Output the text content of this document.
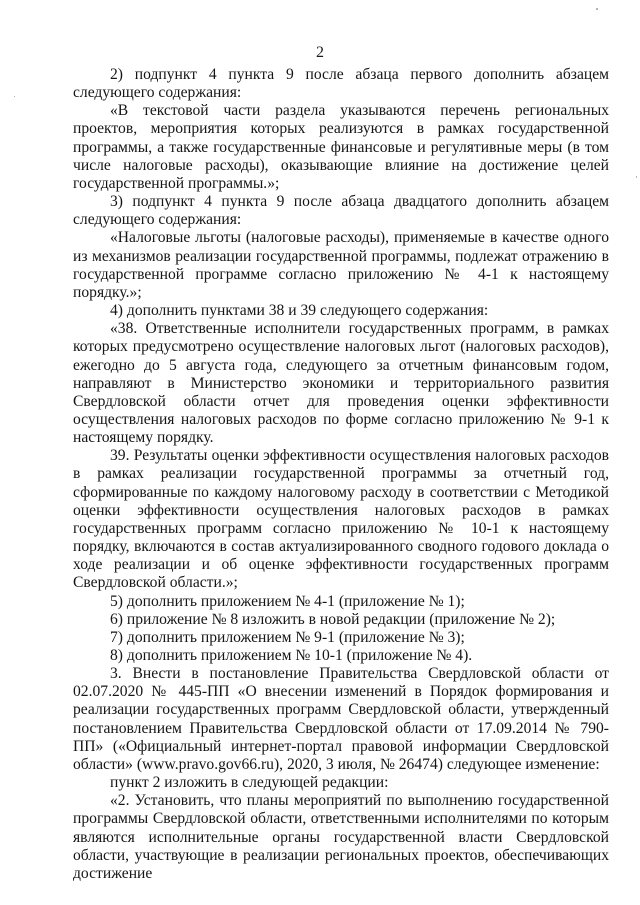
2

2) подпункт 4 пункта 9 после абзаца первого дополнить абзацем следующего содержания:

«В текстовой части раздела указываются перечень региональных проектов, мероприятия которых реализуются в рамках государственной программы, а также государственные финансовые и регулятивные меры (в том числе налоговые расходы), оказывающие влияние на достижение целей государственной программы.»;

3) подпункт 4 пункта 9 после абзаца двадцатого дополнить абзацем следующего содержания:

«Налоговые льготы (налоговые расходы), применяемые в качестве одного из механизмов реализации государственной программы, подлежат отражению в государственной программе согласно приложению № 4-1 к настоящему порядку.»;

4) дополнить пунктами 38 и 39 следующего содержания:

«38. Ответственные исполнители государственных программ, в рамках которых предусмотрено осуществление налоговых льгот (налоговых расходов), ежегодно до 5 августа года, следующего за отчетным финансовым годом, направляют в Министерство экономики и территориального развития Свердловской области отчет для проведения оценки эффективности осуществления налоговых расходов по форме согласно приложению № 9-1 к настоящему порядку.

39. Результаты оценки эффективности осуществления налоговых расходов в рамках реализации государственной программы за отчетный год, сформированные по каждому налоговому расходу в соответствии с Методикой оценки эффективности осуществления налоговых расходов в рамках государственных программ согласно приложению № 10-1 к настоящему порядку, включаются в состав актуализированного сводного годового доклада о ходе реализации и об оценке эффективности государственных программ Свердловской области.»;

5) дополнить приложением № 4-1 (приложение № 1);

6) приложение № 8 изложить в новой редакции (приложение № 2);

7) дополнить приложением № 9-1 (приложение № 3);

8) дополнить приложением № 10-1 (приложение № 4).

3. Внести в постановление Правительства Свердловской области от 02.07.2020 № 445-ПП «О внесении изменений в Порядок формирования и реализации государственных программ Свердловской области, утвержденный постановлением Правительства Свердловской области от 17.09.2014 № 790-ПП» («Официальный интернет-портал правовой информации Свердловской области» (www.pravo.gov66.ru), 2020, 3 июля, № 26474) следующее изменение:

пункт 2 изложить в следующей редакции:

«2. Установить, что планы мероприятий по выполнению государственной программы Свердловской области, ответственными исполнителями по которым являются исполнительные органы государственной власти Свердловской области, участвующие в реализации региональных проектов, обеспечивающих достижение
